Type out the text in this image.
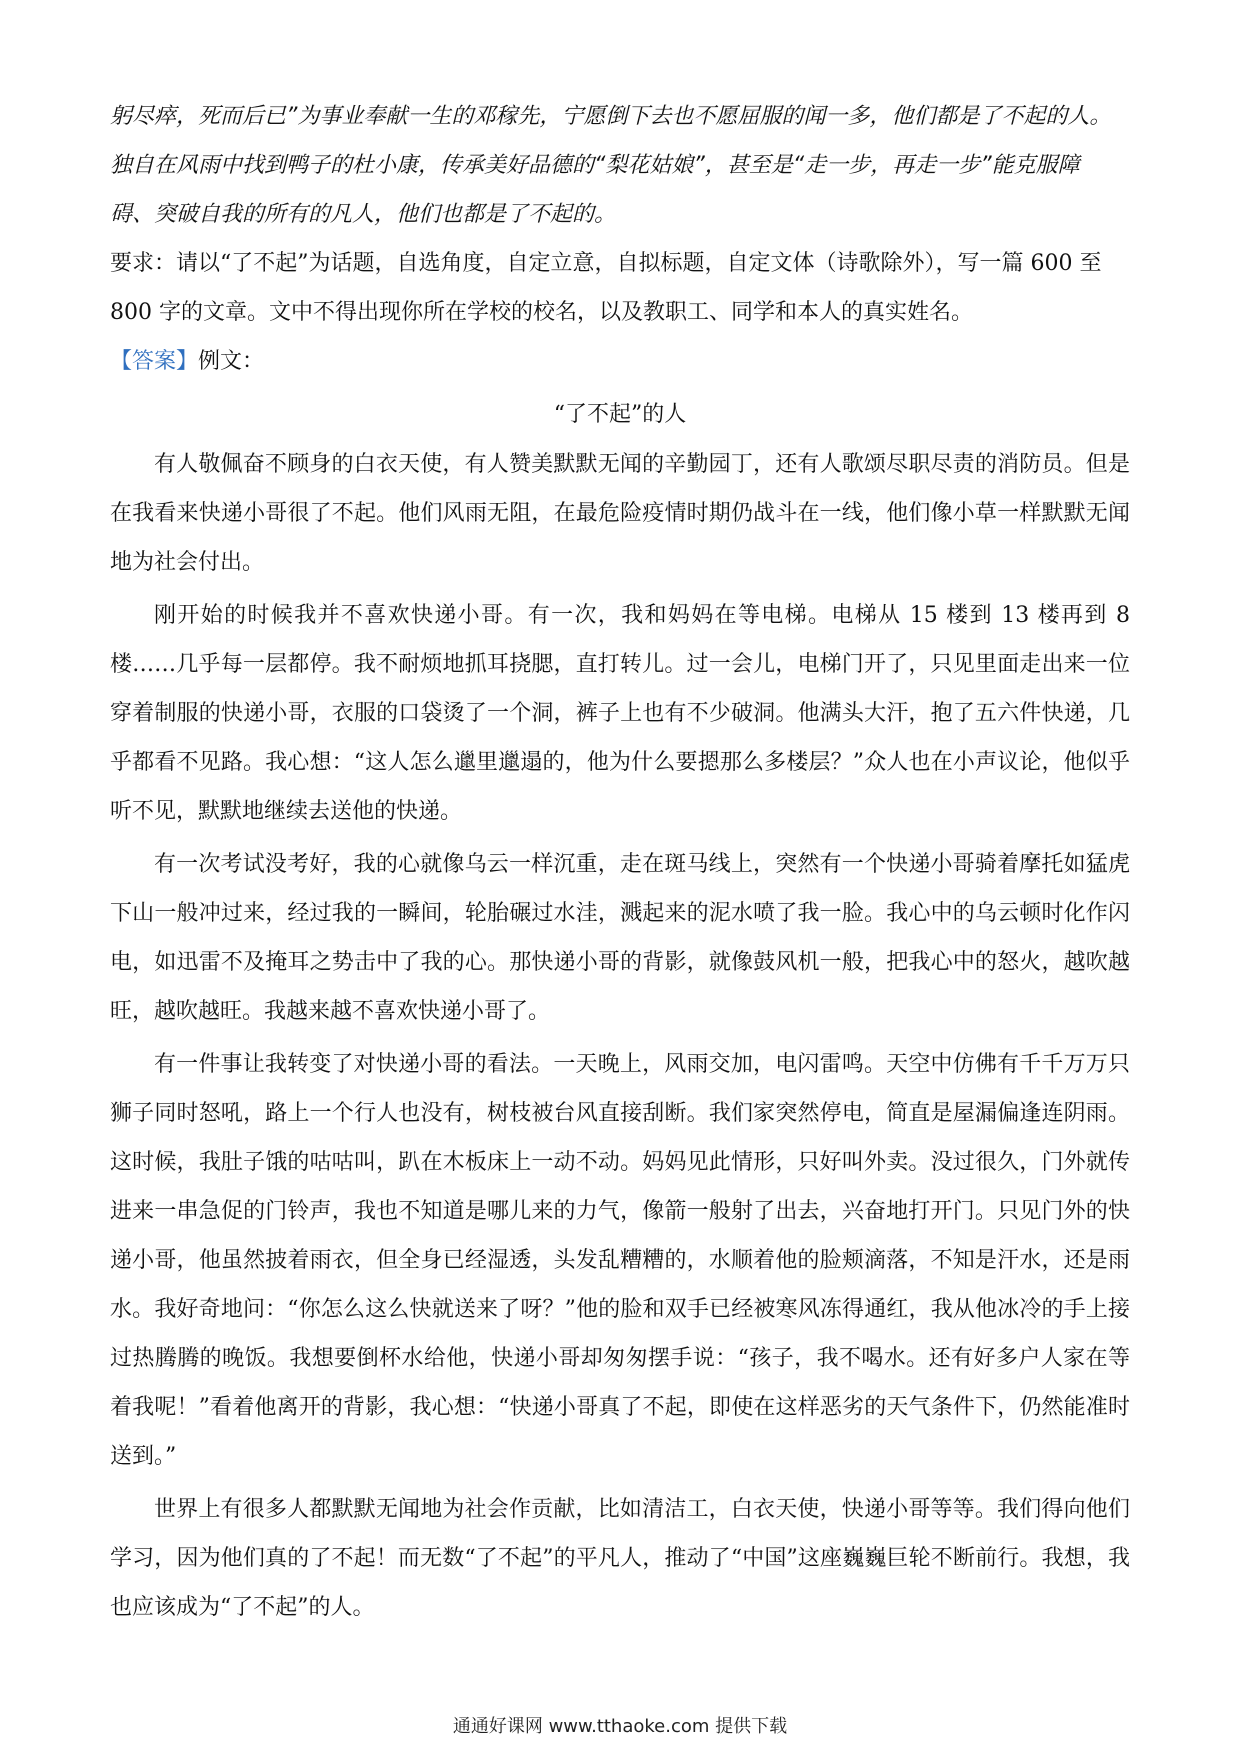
躬尽瘁，死而后已”为事业奉献一生的邓稼先，宁愿倒下去也不愿屈服的闻一多，他们都是了不起的人。

独自在风雨中找到鸭子的杜小康，传承美好品德的“梨花姑娘”，甚至是“走一步，再走一步”能克服障

碍、突破自我的所有的凡人，他们也都是了不起的。

要求：请以“了不起”为话题，自选角度，自定立意，自拟标题，自定文体（诗歌除外），写一篇 600 至 800 字的文章。文中不得出现你所在学校的校名，以及教职工、同学和本人的真实姓名。

【答案】例文：

“了不起”的人

有人敬佩奋不顾身的白衣天使，有人赞美默默无闻的辛勤园丁，还有人歌颂尽职尽责的消防员。但是在我看来快递小哥很了不起。他们风雨无阻，在最危险疫情时期仍战斗在一线，他们像小草一样默默无闻地为社会付出。

刚开始的时候我并不喜欢快递小哥。有一次，我和妈妈在等电梯。电梯从 15 楼到 13 楼再到 8 楼……几乎每一层都停。我不耐烦地抓耳挠腮，直打转儿。过一会儿，电梯门开了，只见里面走出来一位穿着制服的快递小哥，衣服的口袋烫了一个洞，裤子上也有不少破洞。他满头大汗，抱了五六件快递，几乎都看不见路。我心想：“这人怎么邋里邋遢的，他为什么要摁那么多楼层？”众人也在小声议论，他似乎听不见，默默地继续去送他的快递。

有一次考试没考好，我的心就像乌云一样沉重，走在斑马线上，突然有一个快递小哥骑着摩托如猛虎下山一般冲过来，经过我的一瞬间，轮胎碾过水洼，溅起来的泥水喷了我一脸。我心中的乌云顿时化作闪电，如迅雷不及掩耳之势击中了我的心。那快递小哥的背影，就像鼓风机一般，把我心中的怒火，越吹越旺，越吹越旺。我越来越不喜欢快递小哥了。

有一件事让我转变了对快递小哥的看法。一天晚上，风雨交加，电闪雷鸣。天空中仿佛有千千万万只狮子同时怒吼，路上一个行人也没有，树枝被台风直接刮断。我们家突然停电，简直是屋漏偏逢连阴雨。这时候，我肚子饿的咕咕叫，趴在木板床上一动不动。妈妈见此情形，只好叫外卖。没过很久，门外就传进来一串急促的门铃声，我也不知道是哪儿来的力气，像箭一般射了出去，兴奋地打开门。只见门外的快递小哥，他虽然披着雨衣，但全身已经湿透，头发乱糟糟的，水顺着他的脸颊滴落，不知是汗水，还是雨水。我好奇地问：“你怎么这么快就送来了呀？”他的脸和双手已经被寒风冻得通红，我从他冰冷的手上接过热腾腾的晚饭。我想要倒杯水给他，快递小哥却匆匆摆手说：“孩子，我不喝水。还有好多户人家在等着我呢！”看着他离开的背影，我心想：“快递小哥真了不起，即使在这样恶劣的天气条件下，仍然能准时送到。”

世界上有很多人都默默无闻地为社会作贡献，比如清洁工，白衣天使，快递小哥等等。我们得向他们学习，因为他们真的了不起！而无数“了不起”的平凡人，推动了“中国”这座巍巍巨轮不断前行。我想，我也应该成为“了不起”的人。

通通好课网 www.tthaoke.com 提供下载
